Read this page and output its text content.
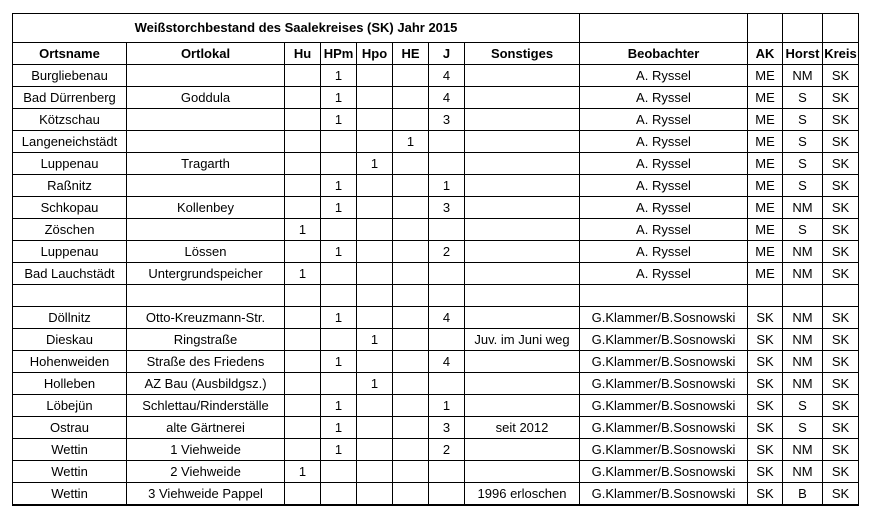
Weißstorchbestand des Saalekreises (SK) Jahr 2015											
Ortsname	Ortlokal	Hu	HPm	Hpo	HE	J	Sonstiges	Beobachter	AK	Horst	Kreis
Burgliebenau			1			4		A. Ryssel	ME	NM	SK
Bad Dürrenberg	Goddula		1			4		A. Ryssel	ME	S	SK
Kötzschau			1			3		A. Ryssel	ME	S	SK
Langeneichstädt					1			A. Ryssel	ME	S	SK
Luppenau	Tragarth			1				A. Ryssel	ME	S	SK
Raßnitz			1			1		A. Ryssel	ME	S	SK
Schkopau	Kollenbey		1			3		A. Ryssel	ME	NM	SK
Zöschen		1						A. Ryssel	ME	S	SK
Luppenau	Lössen		1			2		A. Ryssel	ME	NM	SK
Bad Lauchstädt	Untergrundspeicher	1						A. Ryssel	ME	NM	SK

Döllnitz	Otto-Kreuzmann-Str.		1			4		G.Klammer/B.Sosnowski	SK	NM	SK
Dieskau	Ringstraße			1			Juv. im Juni weg	G.Klammer/B.Sosnowski	SK	NM	SK
Hohenweiden	Straße des Friedens		1			4		G.Klammer/B.Sosnowski	SK	NM	SK
Holleben	AZ Bau (Ausbildgsz.)			1				G.Klammer/B.Sosnowski	SK	NM	SK
Löbejün	Schlettau/Rinderställe		1			1		G.Klammer/B.Sosnowski	SK	S	SK
Ostrau	alte Gärtnerei		1			3	seit 2012	G.Klammer/B.Sosnowski	SK	S	SK
Wettin	1 Viehweide		1			2		G.Klammer/B.Sosnowski	SK	NM	SK
Wettin	2 Viehweide	1						G.Klammer/B.Sosnowski	SK	NM	SK
Wettin	3 Viehweide Pappel						1996 erloschen	G.Klammer/B.Sosnowski	SK	B	SK
